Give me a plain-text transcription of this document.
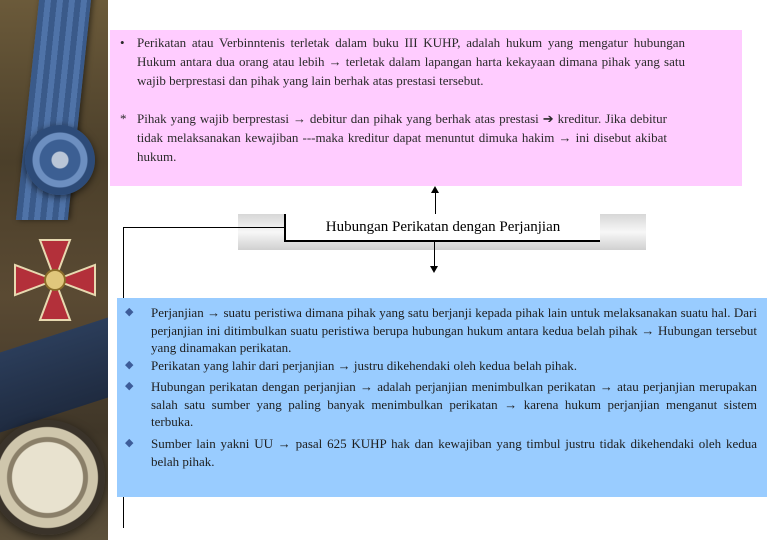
• Perikatan atau Verbinntenis terletak dalam buku III KUHP, adalah hukum yang mengatur hubungan Hukum antara dua orang atau lebih → terletak dalam lapangan harta kekayaan dimana pihak yang satu wajib berprestasi dan pihak yang lain berhak atas prestasi tersebut.

* Pihak yang wajib berprestasi → debitur dan pihak yang berhak atas prestasi ➔ kreditur. Jika debitur tidak melaksanakan kewajiban ---maka kreditur dapat menuntut dimuka hakim → ini disebut akibat hukum.

Hubungan Perikatan dengan Perjanjian
◆	Perjanjian → suatu peristiwa dimana pihak yang satu berjanji kepada pihak lain untuk melaksanakan suatu hal. Dari perjanjian ini ditimbulkan suatu peristiwa berupa hubungan hukum antara kedua belah pihak → Hubungan tersebut yang dinamakan perikatan.
◆	Perikatan yang lahir dari perjanjian → justru dikehendaki oleh kedua belah pihak.
◆	Hubungan perikatan dengan perjanjian → adalah perjanjian menimbulkan perikatan → atau perjanjian merupakan salah satu sumber yang paling banyak menimbulkan perikatan → karena hukum perjanjian menganut sistem terbuka.
◆	Sumber lain yakni UU → pasal 625 KUHP hak dan kewajiban yang timbul justru tidak dikehendaki oleh kedua belah pihak.
